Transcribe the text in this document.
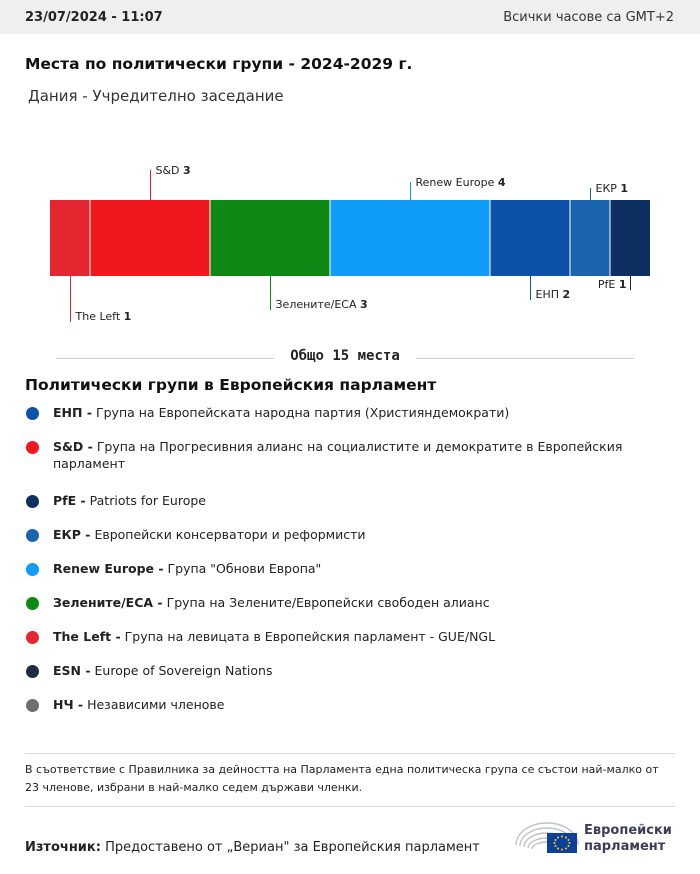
23/07/2024 - 11:07	Всички часове са GMT+2
Места по политически групи - 2024-2029 г.
Дания - Учредително заседание
The Left 1
S&D 3
Зелените/ЕСА 3
Renew Europe 4
ЕНП 2
ЕКР 1
PfE 1
Общо 15 места
Политически групи в Европейския парламент
ЕНП - Група на Европейската народна партия (Християндемократи)
S&D - Група на Прогресивния алианс на социалистите и демократите в Европейския парламент
PfE - Patriots for Europe
ЕКР - Европейски консерватори и реформисти
Renew Europe - Група "Обнови Европа"
Зелените/ЕСА - Група на Зелените/Европейски свободен алианс
The Left - Група на левицата в Европейския парламент - GUE/NGL
ESN - Europe of Sovereign Nations
НЧ - Независими членове
В съответствие с Правилника за дейността на Парламента една политическа група се състои най-малко от 23 членове, избрани в най-малко седем държави членки.
Източник: Предоставено от „Вериан" за Европейския парламент
Европейски
парламент
